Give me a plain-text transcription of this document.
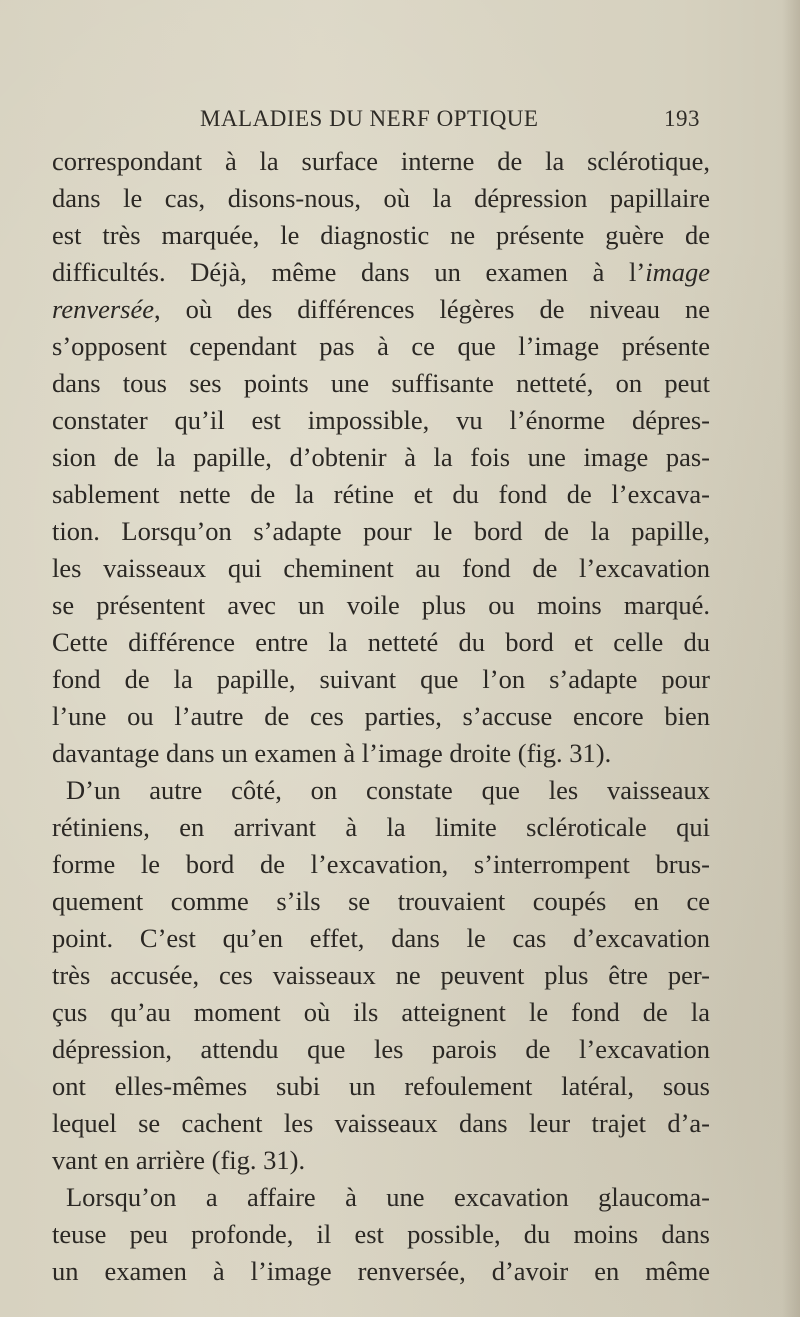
MALADIES DU NERF OPTIQUE	193
correspondant à la surface interne de la sclérotique,
dans le cas, disons-nous, où la dépression papillaire
est très marquée, le diagnostic ne présente guère de
difficultés. Déjà, même dans un examen à l’image
renversée, où des différences légères de niveau ne
s’opposent cependant pas à ce que l’image présente
dans tous ses points une suffisante netteté, on peut
constater qu’il est impossible, vu l’énorme dépres-
sion de la papille, d’obtenir à la fois une image pas-
sablement nette de la rétine et du fond de l’excava-
tion. Lorsqu’on s’adapte pour le bord de la papille,
les vaisseaux qui cheminent au fond de l’excavation
se présentent avec un voile plus ou moins marqué.
Cette différence entre la netteté du bord et celle du
fond de la papille, suivant que l’on s’adapte pour
l’une ou l’autre de ces parties, s’accuse encore bien
davantage dans un examen à l’image droite (fig. 31).
D’un autre côté, on constate que les vaisseaux
rétiniens, en arrivant à la limite scléroticale qui
forme le bord de l’excavation, s’interrompent brus-
quement comme s’ils se trouvaient coupés en ce
point. C’est qu’en effet, dans le cas d’excavation
très accusée, ces vaisseaux ne peuvent plus être per-
çus qu’au moment où ils atteignent le fond de la
dépression, attendu que les parois de l’excavation
ont elles-mêmes subi un refoulement latéral, sous
lequel se cachent les vaisseaux dans leur trajet d’a-
vant en arrière (fig. 31).
Lorsqu’on a affaire à une excavation glaucoma-
teuse peu profonde, il est possible, du moins dans
un examen à l’image renversée, d’avoir en même
